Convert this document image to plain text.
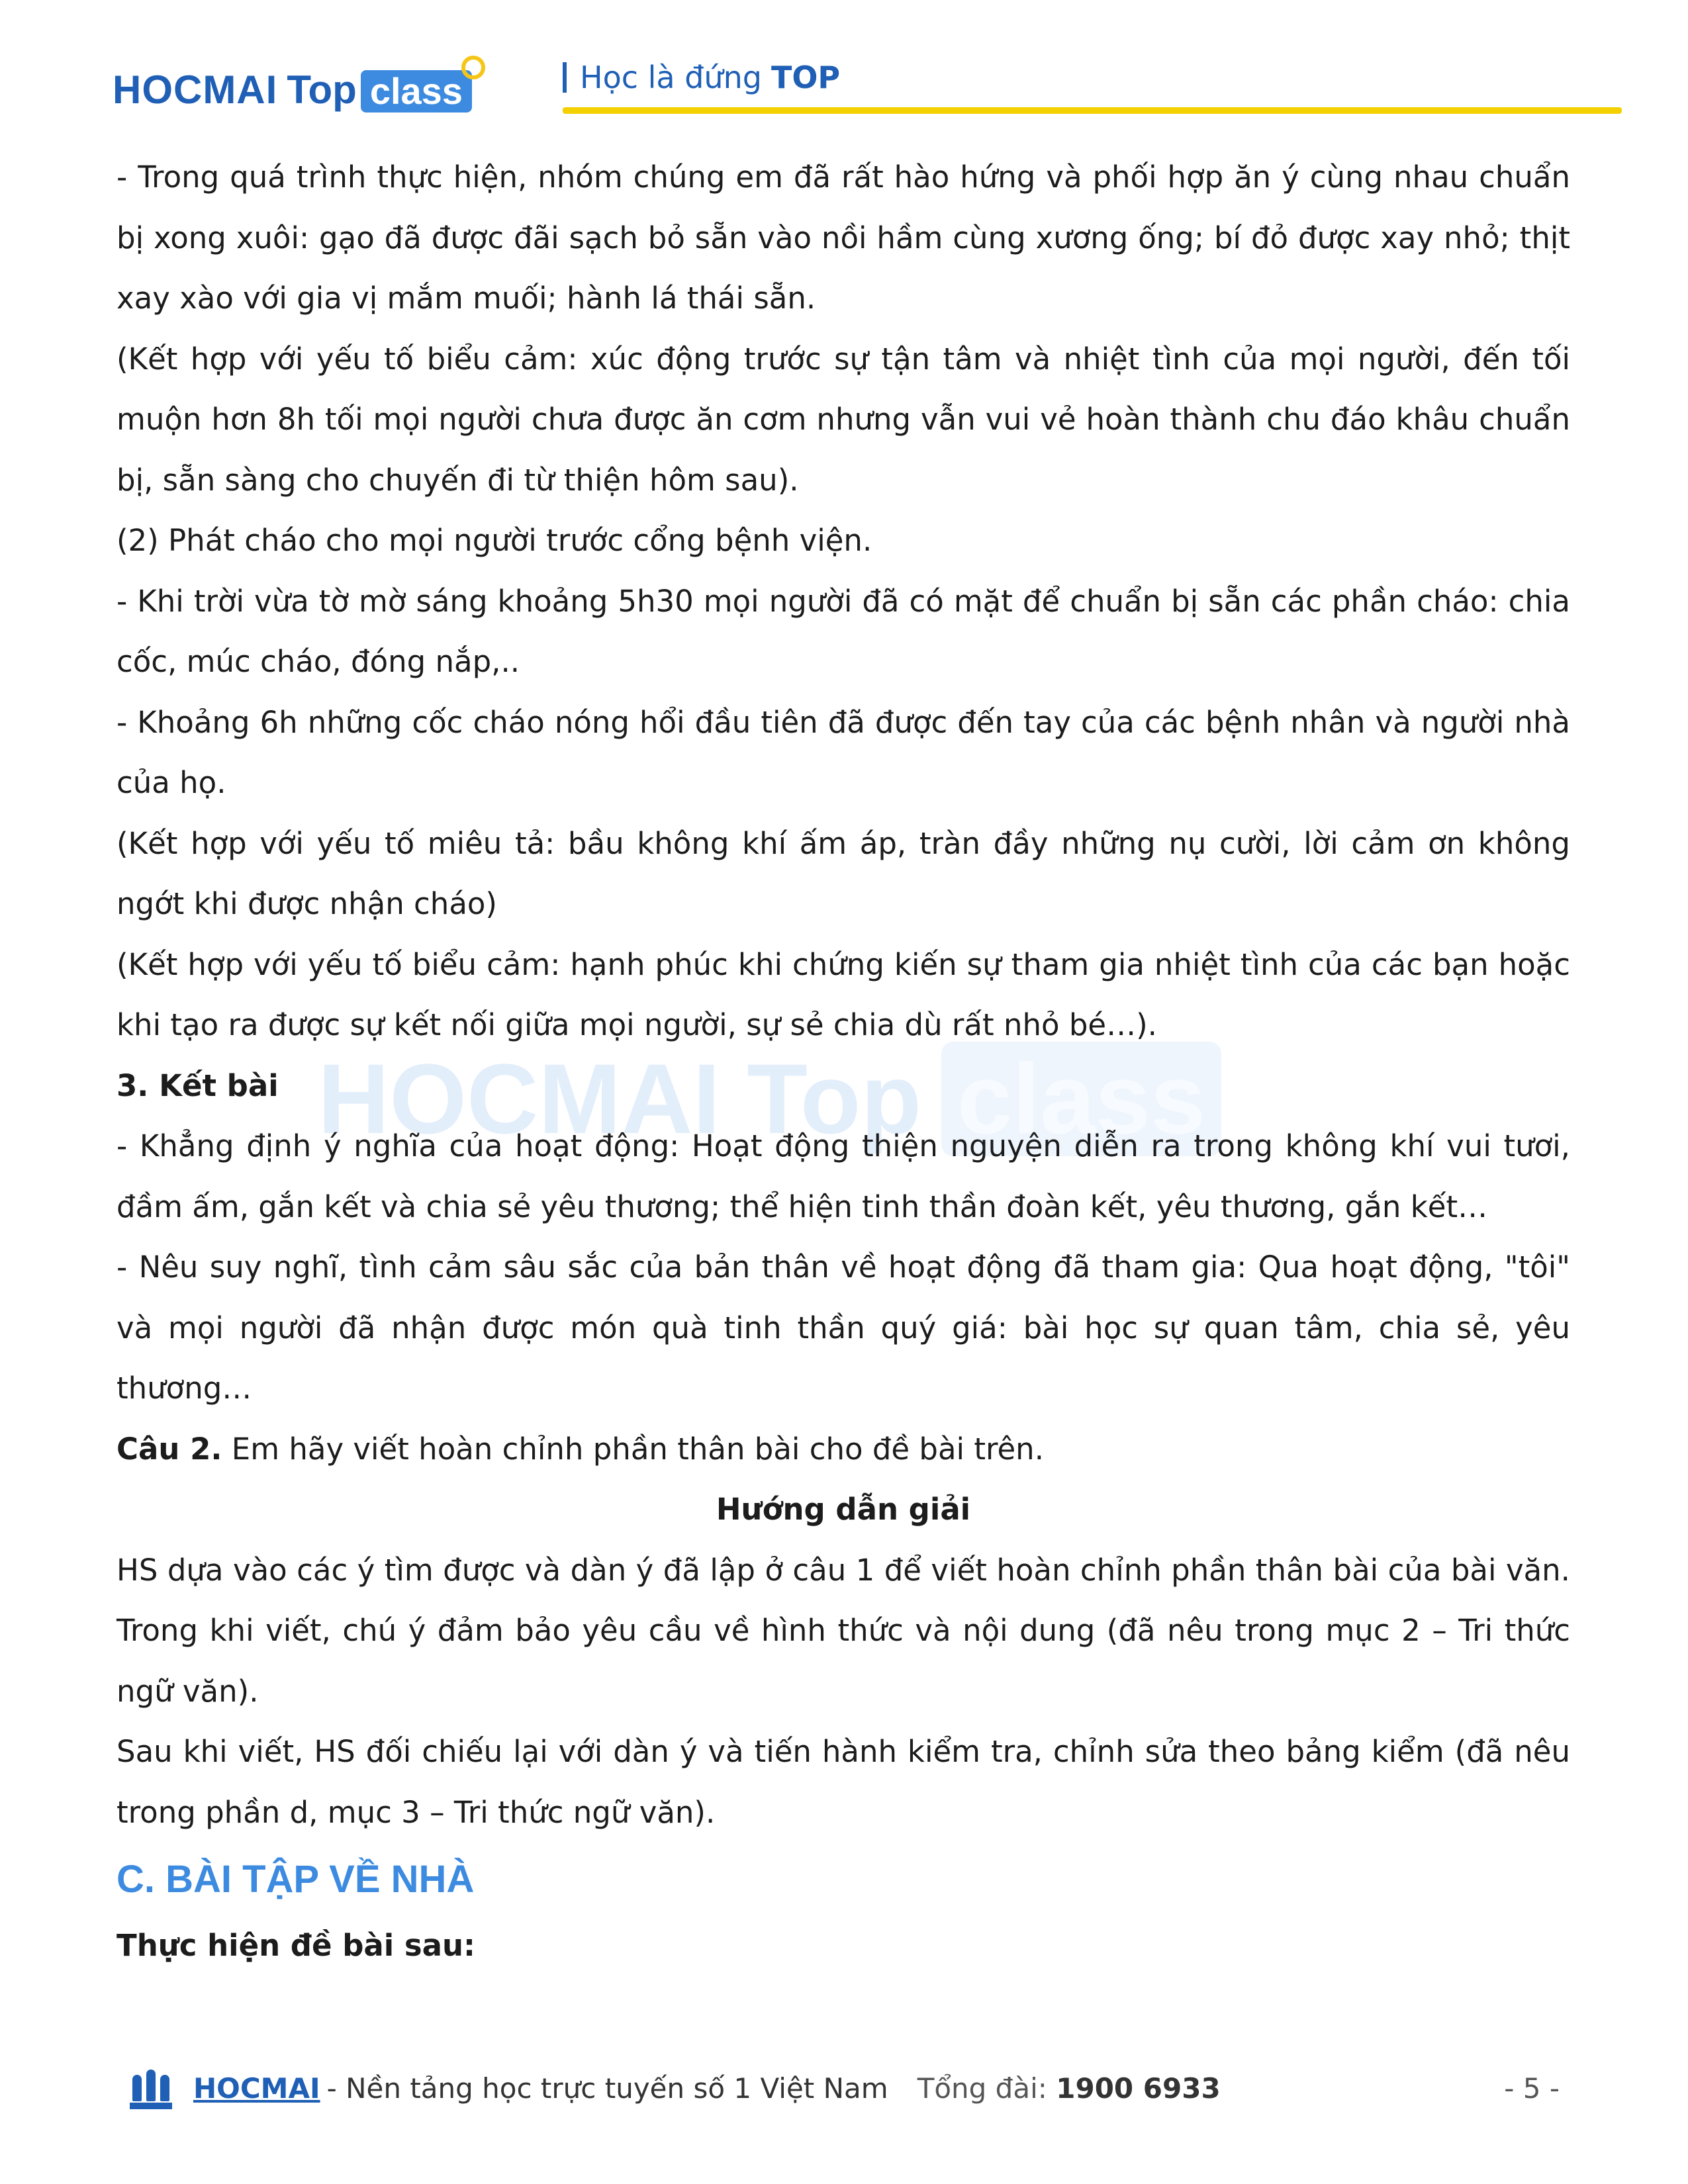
HOCMAI Top class	Học là đứng TOP
HOCMAI Top class

- Trong quá trình thực hiện, nhóm chúng em đã rất hào hứng và phối hợp ăn ý cùng nhau chuẩn bị xong xuôi: gạo đã được đãi sạch bỏ sẵn vào nồi hầm cùng xương ống; bí đỏ được xay nhỏ; thịt xay xào với gia vị mắm muối; hành lá thái sẵn.

(Kết hợp với yếu tố biểu cảm: xúc động trước sự tận tâm và nhiệt tình của mọi người, đến tối muộn hơn 8h tối mọi người chưa được ăn cơm nhưng vẫn vui vẻ hoàn thành chu đáo khâu chuẩn bị, sẵn sàng cho chuyến đi từ thiện hôm sau).

(2) Phát cháo cho mọi người trước cổng bệnh viện.

- Khi trời vừa tờ mờ sáng khoảng 5h30 mọi người đã có mặt để chuẩn bị sẵn các phần cháo: chia cốc, múc cháo, đóng nắp,..

- Khoảng 6h những cốc cháo nóng hổi đầu tiên đã được đến tay của các bệnh nhân và người nhà của họ.

(Kết hợp với yếu tố miêu tả: bầu không khí ấm áp, tràn đầy những nụ cười, lời cảm ơn không ngớt khi được nhận cháo)

(Kết hợp với yếu tố biểu cảm: hạnh phúc khi chứng kiến sự tham gia nhiệt tình của các bạn hoặc khi tạo ra được sự kết nối giữa mọi người, sự sẻ chia dù rất nhỏ bé…).

3. Kết bài

- Khẳng định ý nghĩa của hoạt động: Hoạt động thiện nguyện diễn ra trong không khí vui tươi, đầm ấm, gắn kết và chia sẻ yêu thương; thể hiện tinh thần đoàn kết, yêu thương, gắn kết…

- Nêu suy nghĩ, tình cảm sâu sắc của bản thân về hoạt động đã tham gia: Qua hoạt động, "tôi" và mọi người đã nhận được món quà tinh thần quý giá: bài học sự quan tâm, chia sẻ, yêu thương…

Câu 2. Em hãy viết hoàn chỉnh phần thân bài cho đề bài trên.

Hướng dẫn giải

HS dựa vào các ý tìm được và dàn ý đã lập ở câu 1 để viết hoàn chỉnh phần thân bài của bài văn. Trong khi viết, chú ý đảm bảo yêu cầu về hình thức và nội dung (đã nêu trong mục 2 – Tri thức ngữ văn).

Sau khi viết, HS đối chiếu lại với dàn ý và tiến hành kiểm tra, chỉnh sửa theo bảng kiểm (đã nêu trong phần d, mục 3 – Tri thức ngữ văn).

C. BÀI TẬP VỀ NHÀ

Thực hiện đề bài sau:

HOCMAI - Nền tảng học trực tuyến số 1 Việt Nam Tổng đài: 1900 6933	- 5 -
